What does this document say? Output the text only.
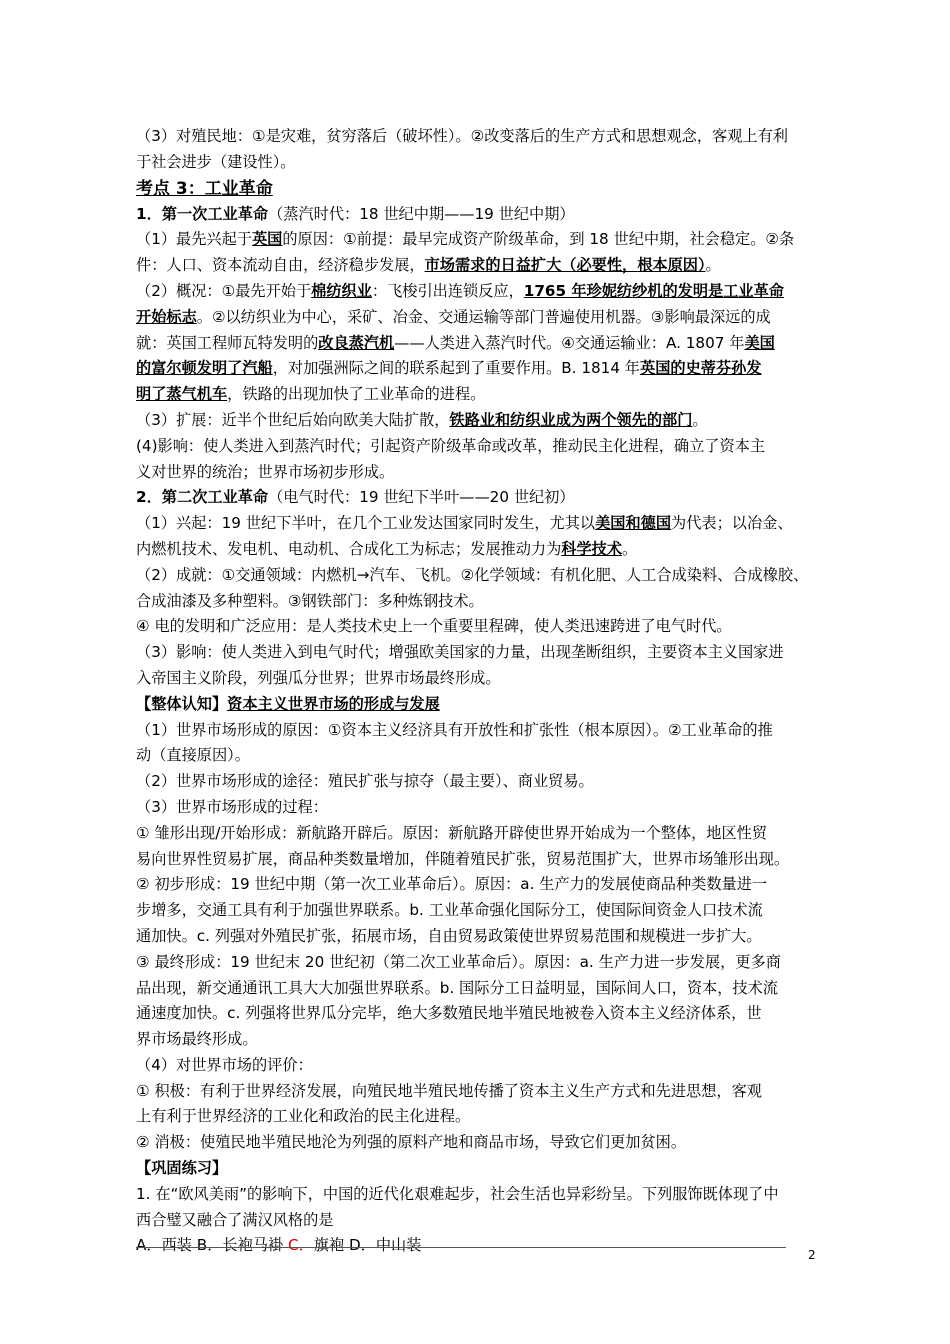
（3）对殖民地：①是灾难，贫穷落后（破坏性）。②改变落后的生产方式和思想观念，客观上有利
于社会进步（建设性）。
考点 3：工业革命
1．第一次工业革命（蒸汽时代：18 世纪中期——19 世纪中期）
（1）最先兴起于英国的原因：①前提：最早完成资产阶级革命，到 18 世纪中期，社会稳定。②条
件：人口、资本流动自由，经济稳步发展，市场需求的日益扩大（必要性，根本原因）。
（2）概况：①最先开始于棉纺织业：飞梭引出连锁反应，1765 年珍妮纺纱机的发明是工业革命
开始标志。②以纺织业为中心，采矿、冶金、交通运输等部门普遍使用机器。③影响最深远的成
就：英国工程师瓦特发明的改良蒸汽机——人类进入蒸汽时代。④交通运输业：A. 1807 年美国
的富尔顿发明了汽船，对加强洲际之间的联系起到了重要作用。B. 1814 年英国的史蒂芬孙发
明了蒸气机车，铁路的出现加快了工业革命的进程。
（3）扩展：近半个世纪后始向欧美大陆扩散，铁路业和纺织业成为两个领先的部门。
(4)影响：使人类进入到蒸汽时代；引起资产阶级革命或改革，推动民主化进程，确立了资本主
义对世界的统治；世界市场初步形成。
2．第二次工业革命（电气时代：19 世纪下半叶——20 世纪初）
（1）兴起：19 世纪下半叶，在几个工业发达国家同时发生，尤其以美国和德国为代表；以冶金、
内燃机技术、发电机、电动机、合成化工为标志；发展推动力为科学技术。
（2）成就：①交通领域：内燃机→汽车、飞机。②化学领域：有机化肥、人工合成染料、合成橡胶、
合成油漆及多种塑料。③钢铁部门：多种炼钢技术。
④ 电的发明和广泛应用：是人类技术史上一个重要里程碑，使人类迅速跨进了电气时代。
（3）影响：使人类进入到电气时代；增强欧美国家的力量，出现垄断组织，主要资本主义国家进
入帝国主义阶段，列强瓜分世界；世界市场最终形成。
【整体认知】资本主义世界市场的形成与发展
（1）世界市场形成的原因：①资本主义经济具有开放性和扩张性（根本原因）。②工业革命的推
动（直接原因）。
（2）世界市场形成的途径：殖民扩张与掠夺（最主要）、商业贸易。
（3）世界市场形成的过程：
① 雏形出现/开始形成：新航路开辟后。原因：新航路开辟使世界开始成为一个整体，地区性贸
易向世界性贸易扩展，商品种类数量增加，伴随着殖民扩张，贸易范围扩大，世界市场雏形出现。
② 初步形成：19 世纪中期（第一次工业革命后）。原因：a. 生产力的发展使商品种类数量进一
步增多，交通工具有利于加强世界联系。b. 工业革命强化国际分工，使国际间资金人口技术流
通加快。c. 列强对外殖民扩张，拓展市场，自由贸易政策使世界贸易范围和规模进一步扩大。
③ 最终形成：19 世纪末 20 世纪初（第二次工业革命后）。原因：a. 生产力进一步发展，更多商
品出现，新交通通讯工具大大加强世界联系。b. 国际分工日益明显，国际间人口，资本，技术流
通速度加快。c. 列强将世界瓜分完毕，绝大多数殖民地半殖民地被卷入资本主义经济体系，世
界市场最终形成。
（4）对世界市场的评价：
① 积极：有利于世界经济发展，向殖民地半殖民地传播了资本主义生产方式和先进思想，客观
上有利于世界经济的工业化和政治的民主化进程。
② 消极：使殖民地半殖民地沦为列强的原料产地和商品市场，导致它们更加贫困。
【巩固练习】
1. 在“欧风美雨”的影响下，中国的近代化艰难起步，社会生活也异彩纷呈。下列服饰既体现了中
西合璧又融合了满汉风格的是
A．西装 B．长袍马褂 C．旗袍 D．中山装
2
